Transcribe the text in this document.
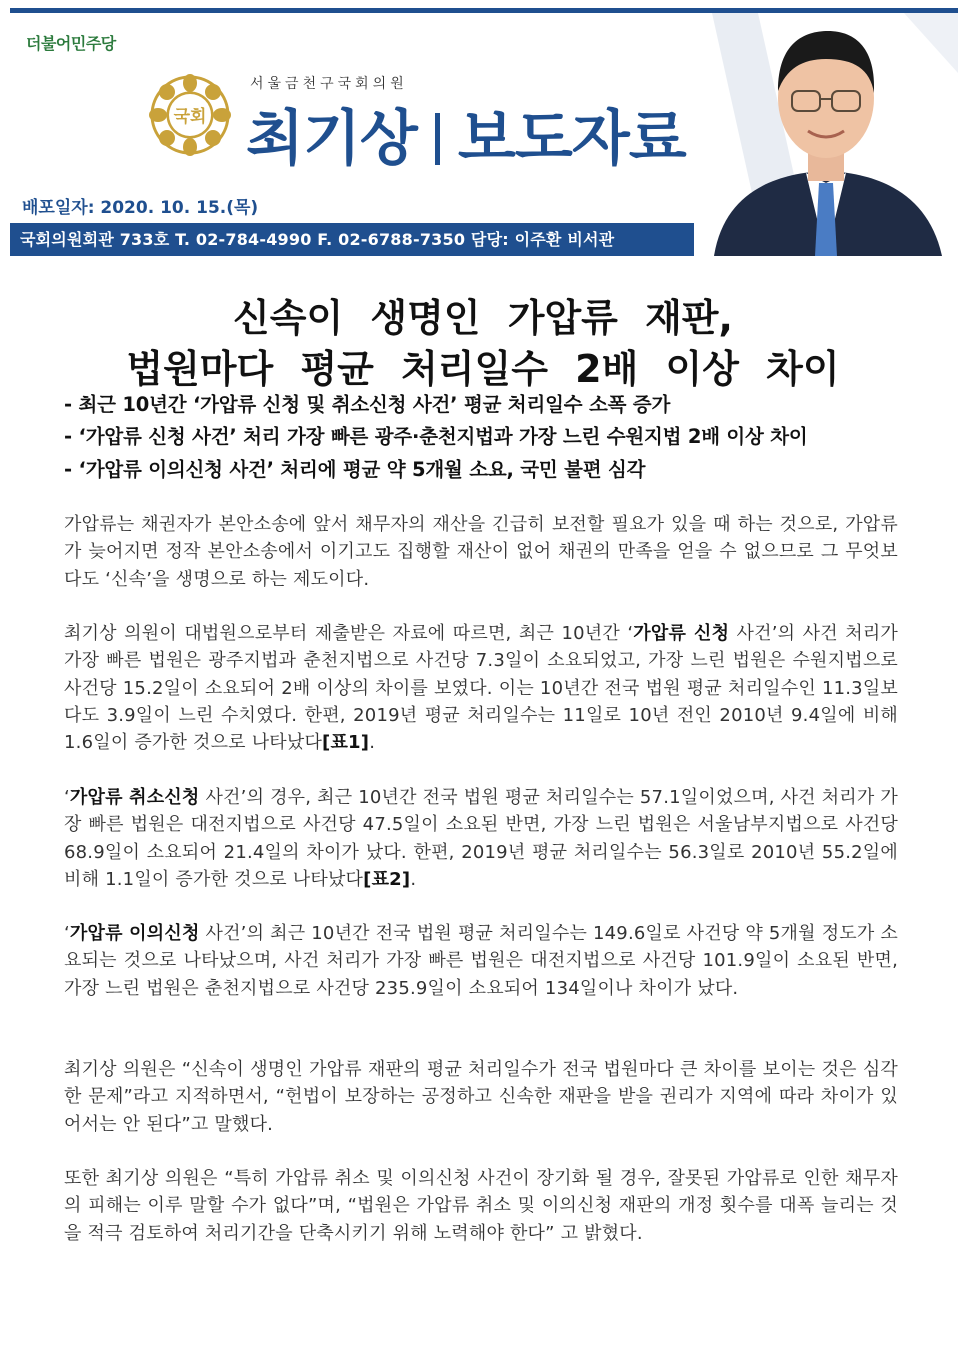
더불어민주당
국회
서울금천구국회의원
최기상 보도자료
배포일자: 2020. 10. 15.(목)
국회의원회관 733호 T. 02-784-4990 F. 02-6788-7350 담당: 이주환 비서관
신속이 생명인 가압류 재판,
법원마다 평균 처리일수 2배 이상 차이
- 최근 10년간 ‘가압류 신청 및 취소신청 사건’ 평균 처리일수 소폭 증가
- ‘가압류 신청 사건’ 처리 가장 빠른 광주·춘천지법과 가장 느린 수원지법 2배 이상 차이
- ‘가압류 이의신청 사건’ 처리에 평균 약 5개월 소요, 국민 불편 심각
가압류는 채권자가 본안소송에 앞서 채무자의 재산을 긴급히 보전할 필요가 있을 때 하는 것으로, 가압류가 늦어지면 정작 본안소송에서 이기고도 집행할 재산이 없어 채권의 만족을 얻을 수 없으므로 그 무엇보다도 ‘신속’을 생명으로 하는 제도이다.
최기상 의원이 대법원으로부터 제출받은 자료에 따르면, 최근 10년간 ‘가압류 신청 사건’의 사건 처리가 가장 빠른 법원은 광주지법과 춘천지법으로 사건당 7.3일이 소요되었고, 가장 느린 법원은 수원지법으로 사건당 15.2일이 소요되어 2배 이상의 차이를 보였다. 이는 10년간 전국 법원 평균 처리일수인 11.3일보다도 3.9일이 느린 수치였다. 한편, 2019년 평균 처리일수는 11일로 10년 전인 2010년 9.4일에 비해 1.6일이 증가한 것으로 나타났다[표1].
‘가압류 취소신청 사건’의 경우, 최근 10년간 전국 법원 평균 처리일수는 57.1일이었으며, 사건 처리가 가장 빠른 법원은 대전지법으로 사건당 47.5일이 소요된 반면, 가장 느린 법원은 서울남부지법으로 사건당 68.9일이 소요되어 21.4일의 차이가 났다. 한편, 2019년 평균 처리일수는 56.3일로 2010년 55.2일에 비해 1.1일이 증가한 것으로 나타났다[표2].
‘가압류 이의신청 사건’의 최근 10년간 전국 법원 평균 처리일수는 149.6일로 사건당 약 5개월 정도가 소요되는 것으로 나타났으며, 사건 처리가 가장 빠른 법원은 대전지법으로 사건당 101.9일이 소요된 반면, 가장 느린 법원은 춘천지법으로 사건당 235.9일이 소요되어 134일이나 차이가 났다.
최기상 의원은 “신속이 생명인 가압류 재판의 평균 처리일수가 전국 법원마다 큰 차이를 보이는 것은 심각한 문제”라고 지적하면서, “헌법이 보장하는 공정하고 신속한 재판을 받을 권리가 지역에 따라 차이가 있어서는 안 된다”고 말했다.
또한 최기상 의원은 “특히 가압류 취소 및 이의신청 사건이 장기화 될 경우, 잘못된 가압류로 인한 채무자의 피해는 이루 말할 수가 없다”며, “법원은 가압류 취소 및 이의신청 재판의 개정 횟수를 대폭 늘리는 것을 적극 검토하여 처리기간을 단축시키기 위해 노력해야 한다” 고 밝혔다.
